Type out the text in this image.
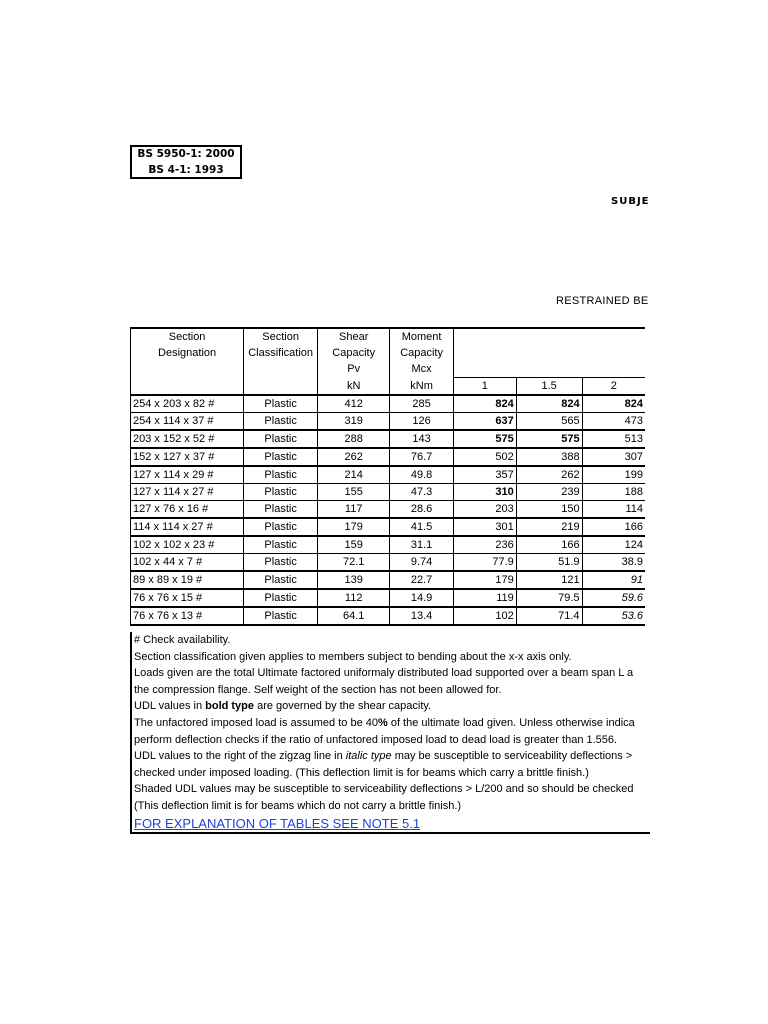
BS 5950-1: 2000
BS 4-1: 1993
SUBJE
RESTRAINED BE
Section	Section	Shear	Moment			
Designation	Classification	Capacity	Capacity			
		Pv	Mcx			
		kN	kNm	1	1.5	2
254 x 203 x 82 #	Plastic	412	285	824	824	824
254 x 114 x 37 #	Plastic	319	126	637	565	473
203 x 152 x 52 #	Plastic	288	143	575	575	513
152 x 127 x 37 #	Plastic	262	76.7	502	388	307
127 x 114 x 29 #	Plastic	214	49.8	357	262	199
127 x 114 x 27 #	Plastic	155	47.3	310	239	188
127 x 76 x 16 #	Plastic	117	28.6	203	150	114
114 x 114 x 27 #	Plastic	179	41.5	301	219	166
102 x 102 x 23 #	Plastic	159	31.1	236	166	124
102 x 44 x 7 #	Plastic	72.1	9.74	77.9	51.9	38.9
89 x 89 x 19 #	Plastic	139	22.7	179	121	91
76 x 76 x 15 #	Plastic	112	14.9	119	79.5	59.6
76 x 76 x 13 #	Plastic	64.1	13.4	102	71.4	53.6
# Check availability.
Section classification given applies to members subject to bending about the x-x axis only.
Loads given are the total Ultimate factored uniformaly distributed load supported over a beam span L a
the compression flange. Self weight of the section has not been allowed for.
UDL values in bold type are governed by the shear capacity.
The unfactored imposed load is assumed to be 40% of the ultimate load given. Unless otherwise indica
perform deflection checks if the ratio of unfactored imposed load to dead load is greater than 1.556.
UDL values to the right of the zigzag line in italic type may be susceptible to serviceability deflections >
checked under imposed loading. (This deflection limit is for beams which carry a brittle finish.)
Shaded UDL values may be susceptible to serviceability deflections > L/200 and so should be checked
(This deflection limit is for beams which do not carry a brittle finish.)
FOR EXPLANATION OF TABLES SEE NOTE 5.1
